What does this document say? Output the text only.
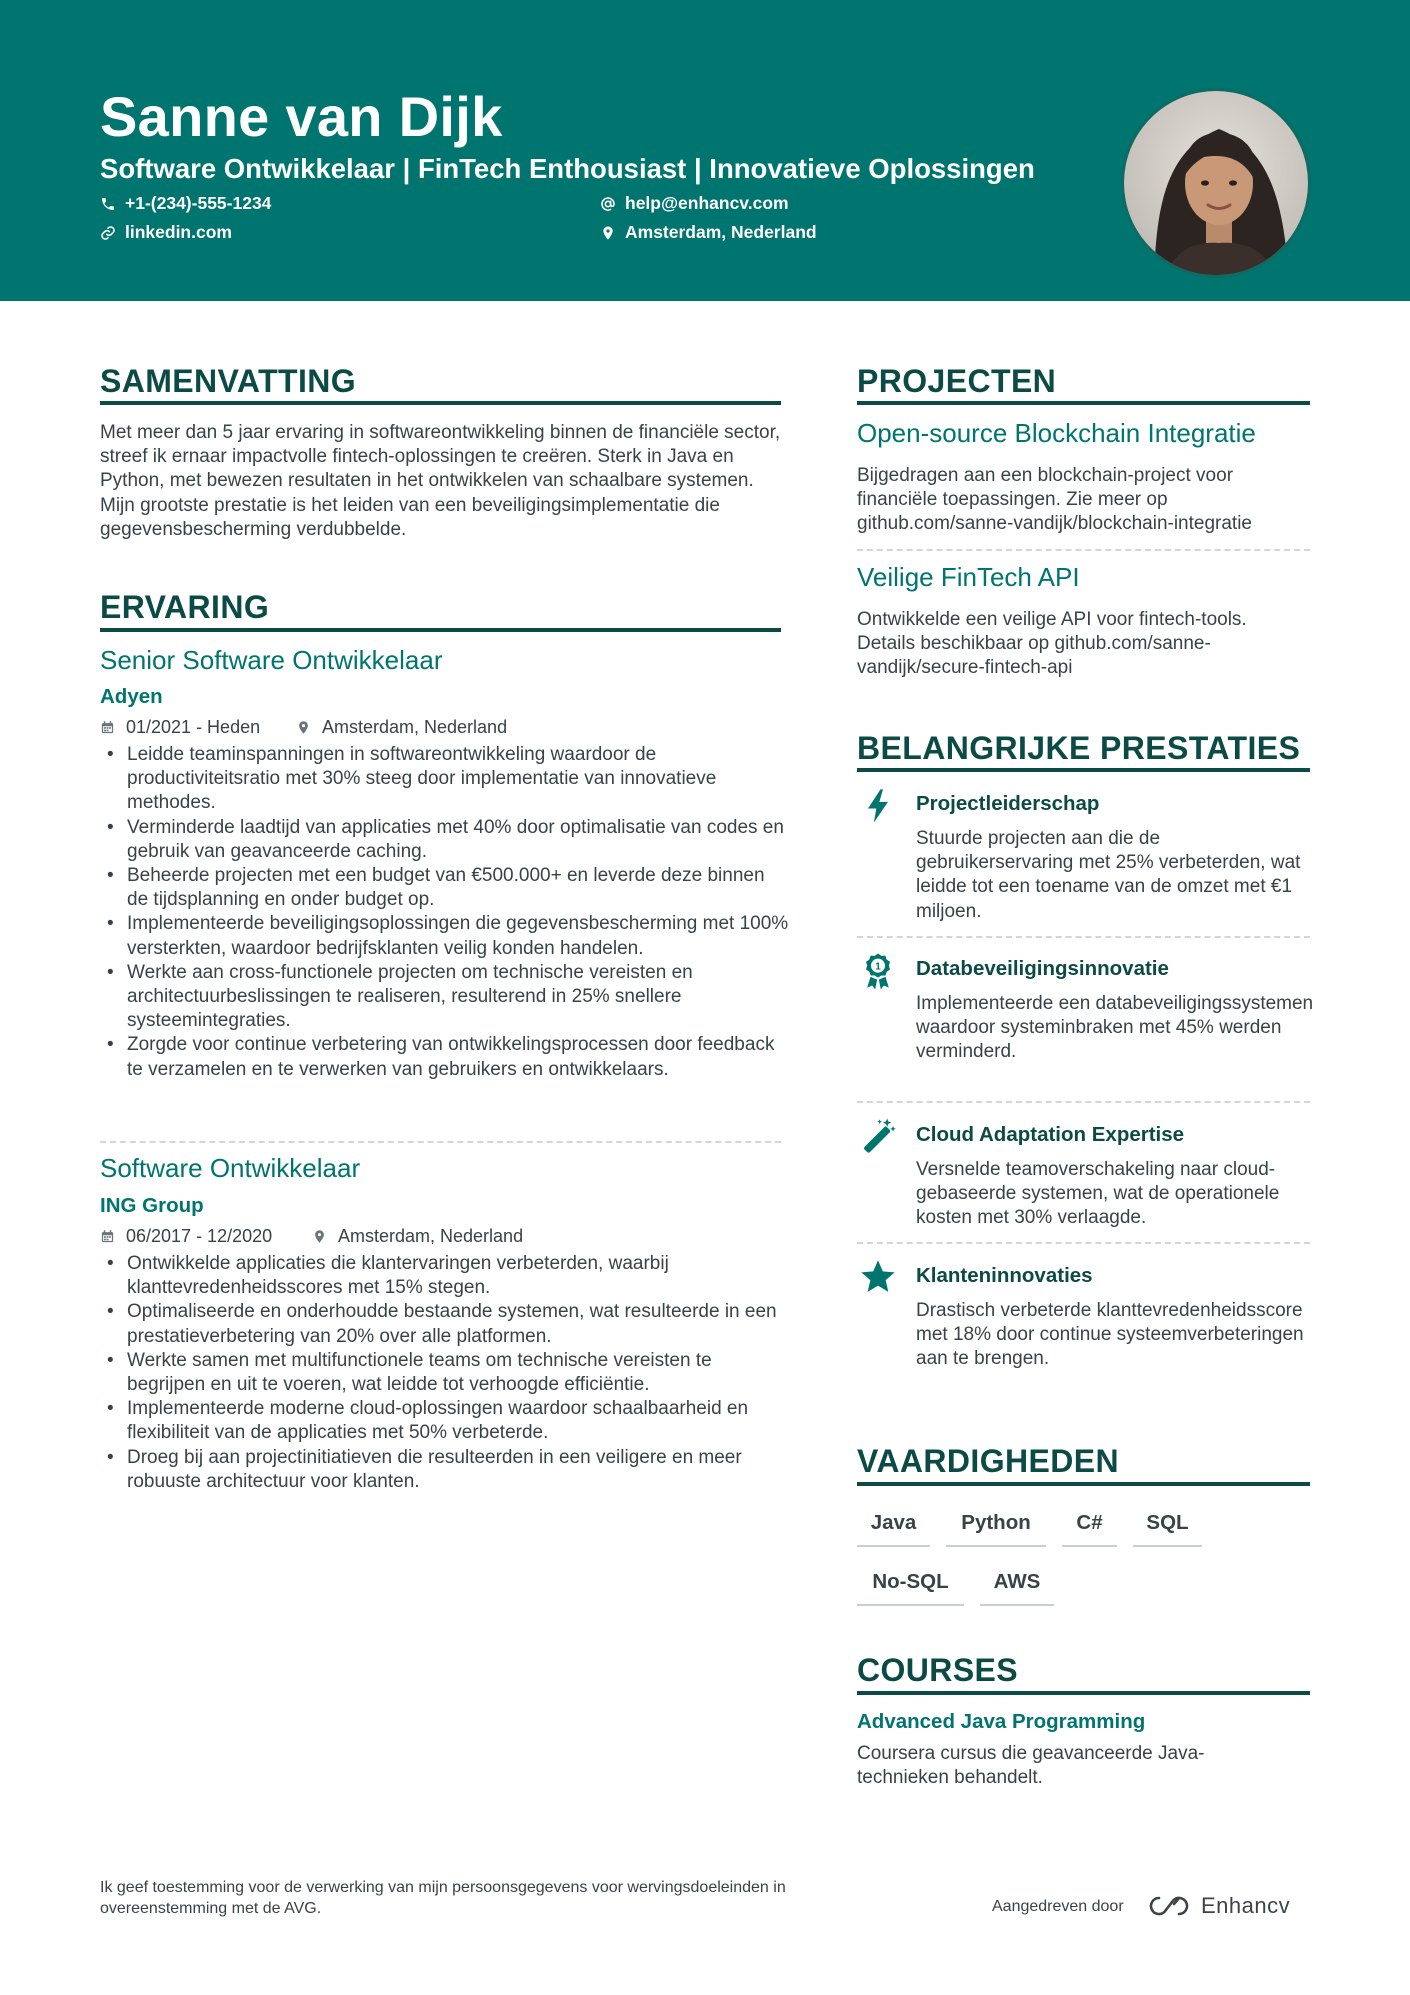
Sanne van Dijk
Software Ontwikkelaar | FinTech Enthousiast | Innovatieve Oplossingen
+1-(234)-555-1234	help@enhancv.com
linkedin.com	Amsterdam, Nederland
SAMENVATTING
Met meer dan 5 jaar ervaring in softwareontwikkeling binnen de financiële sector, streef ik ernaar impactvolle fintech-oplossingen te creëren. Sterk in Java en Python, met bewezen resultaten in het ontwikkelen van schaalbare systemen. Mijn grootste prestatie is het leiden van een beveiligingsimplementatie die gegevensbescherming verdubbelde.
ERVARING
Senior Software Ontwikkelaar
Adyen
01/2021 - Heden	Amsterdam, Nederland
• Leidde teaminspanningen in softwareontwikkeling waardoor de productiviteitsratio met 30% steeg door implementatie van innovatieve methodes.
• Verminderde laadtijd van applicaties met 40% door optimalisatie van codes en gebruik van geavanceerde caching.
• Beheerde projecten met een budget van €500.000+ en leverde deze binnen de tijdsplanning en onder budget op.
• Implementeerde beveiligingsoplossingen die gegevensbescherming met 100% versterkten, waardoor bedrijfsklanten veilig konden handelen.
• Werkte aan cross-functionele projecten om technische vereisten en architectuurbeslissingen te realiseren, resulterend in 25% snellere systeemintegraties.
• Zorgde voor continue verbetering van ontwikkelingsprocessen door feedback te verzamelen en te verwerken van gebruikers en ontwikkelaars.
Software Ontwikkelaar
ING Group
06/2017 - 12/2020	Amsterdam, Nederland
• Ontwikkelde applicaties die klantervaringen verbeterden, waarbij klanttevredenheidsscores met 15% stegen.
• Optimaliseerde en onderhoudde bestaande systemen, wat resulteerde in een prestatieverbetering van 20% over alle platformen.
• Werkte samen met multifunctionele teams om technische vereisten te begrijpen en uit te voeren, wat leidde tot verhoogde efficiëntie.
• Implementeerde moderne cloud-oplossingen waardoor schaalbaarheid en flexibiliteit van de applicaties met 50% verbeterde.
• Droeg bij aan projectinitiatieven die resulteerden in een veiligere en meer robuuste architectuur voor klanten.
PROJECTEN
Open-source Blockchain Integratie
Bijgedragen aan een blockchain-project voor financiële toepassingen. Zie meer op github.com/sanne-vandijk/blockchain-integratie
Veilige FinTech API
Ontwikkelde een veilige API voor fintech-tools. Details beschikbaar op github.com/sanne-vandijk/secure-fintech-api
BELANGRIJKE PRESTATIES
Projectleiderschap
Stuurde projecten aan die de gebruikerservaring met 25% verbeterden, wat leidde tot een toename van de omzet met €1 miljoen.
1 Databeveiligingsinnovatie
Implementeerde een databeveiligingssystemen waardoor systeminbraken met 45% werden verminderd.
Cloud Adaptation Expertise
Versnelde teamoverschakeling naar cloud-gebaseerde systemen, wat de operationele kosten met 30% verlaagde.
Klanteninnovaties
Drastisch verbeterde klanttevredenheidsscore met 18% door continue systeemverbeteringen aan te brengen.
VAARDIGHEDEN
Java	Python	C#	SQL
No-SQL	AWS
COURSES
Advanced Java Programming
Coursera cursus die geavanceerde Java-technieken behandelt.
Ik geef toestemming voor de verwerking van mijn persoonsgegevens voor wervingsdoeleinden in overeenstemming met de AVG.	Aangedreven door	Enhancv
